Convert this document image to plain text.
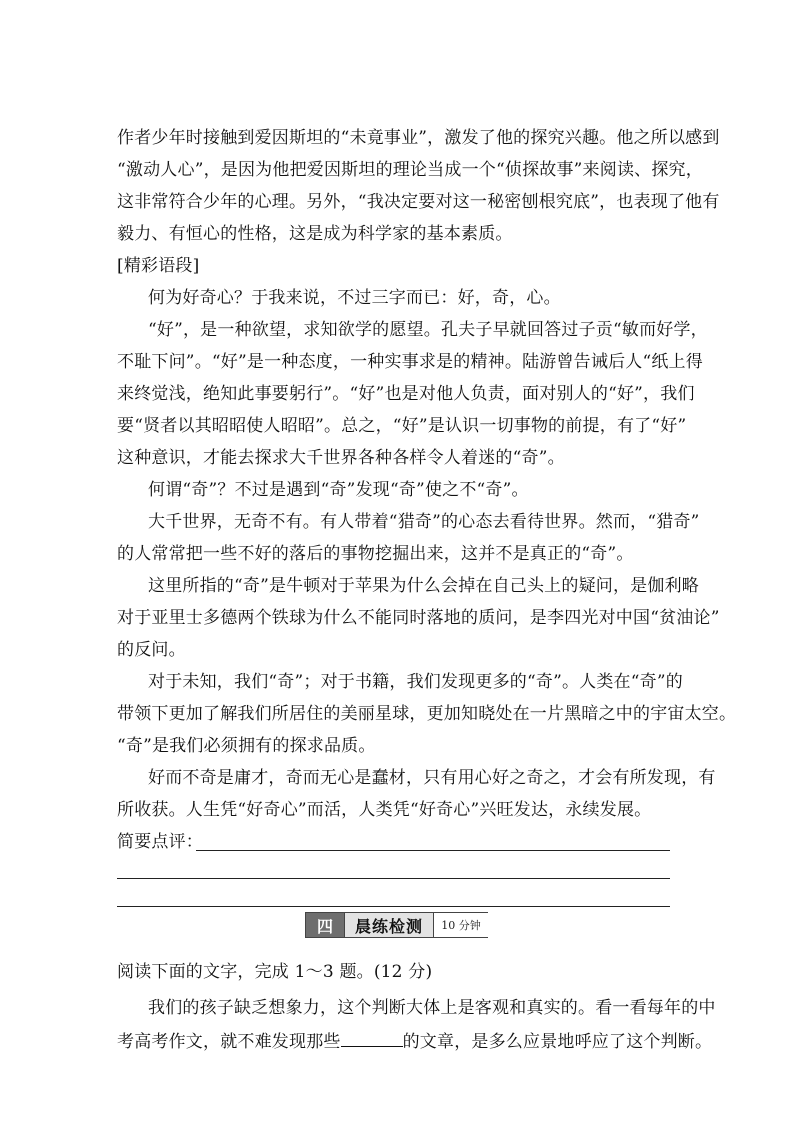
作者少年时接触到爱因斯坦的“未竟事业”，激发了他的探究兴趣。他之所以感到
“激动人心”，是因为他把爱因斯坦的理论当成一个“侦探故事”来阅读、探究，
这非常符合少年的心理。另外，“我决定要对这一秘密刨根究底”，也表现了他有
毅力、有恒心的性格，这是成为科学家的基本素质。
[精彩语段]
何为好奇心？于我来说，不过三字而已：好，奇，心。
“好”，是一种欲望，求知欲学的愿望。孔夫子早就回答过子贡“敏而好学，
不耻下问”。“好”是一种态度，一种实事求是的精神。陆游曾告诫后人“纸上得
来终觉浅，绝知此事要躬行”。“好”也是对他人负责，面对别人的“好”，我们
要“贤者以其昭昭使人昭昭”。总之，“好”是认识一切事物的前提，有了“好”
这种意识，才能去探求大千世界各种各样令人着迷的“奇”。
何谓“奇”？不过是遇到“奇”发现“奇”使之不“奇”。
大千世界，无奇不有。有人带着“猎奇”的心态去看待世界。然而，“猎奇”
的人常常把一些不好的落后的事物挖掘出来，这并不是真正的“奇”。
这里所指的“奇”是牛顿对于苹果为什么会掉在自己头上的疑问，是伽利略
对于亚里士多德两个铁球为什么不能同时落地的质问，是李四光对中国“贫油论”
的反问。
对于未知，我们“奇”；对于书籍，我们发现更多的“奇”。人类在“奇”的
带领下更加了解我们所居住的美丽星球，更加知晓处在一片黑暗之中的宇宙太空。
“奇”是我们必须拥有的探求品质。
好而不奇是庸才，奇而无心是蠢材，只有用心好之奇之，才会有所发现，有
所收获。人生凭“好奇心”而活，人类凭“好奇心”兴旺发达，永续发展。
简要点评：
四	晨练检测	10 分钟
阅读下面的文字，完成 1～3 题。(12 分)
我们的孩子缺乏想象力，这个判断大体上是客观和真实的。看一看每年的中
考高考作文，就不难发现那些	的文章，是多么应景地呼应了这个判断。
